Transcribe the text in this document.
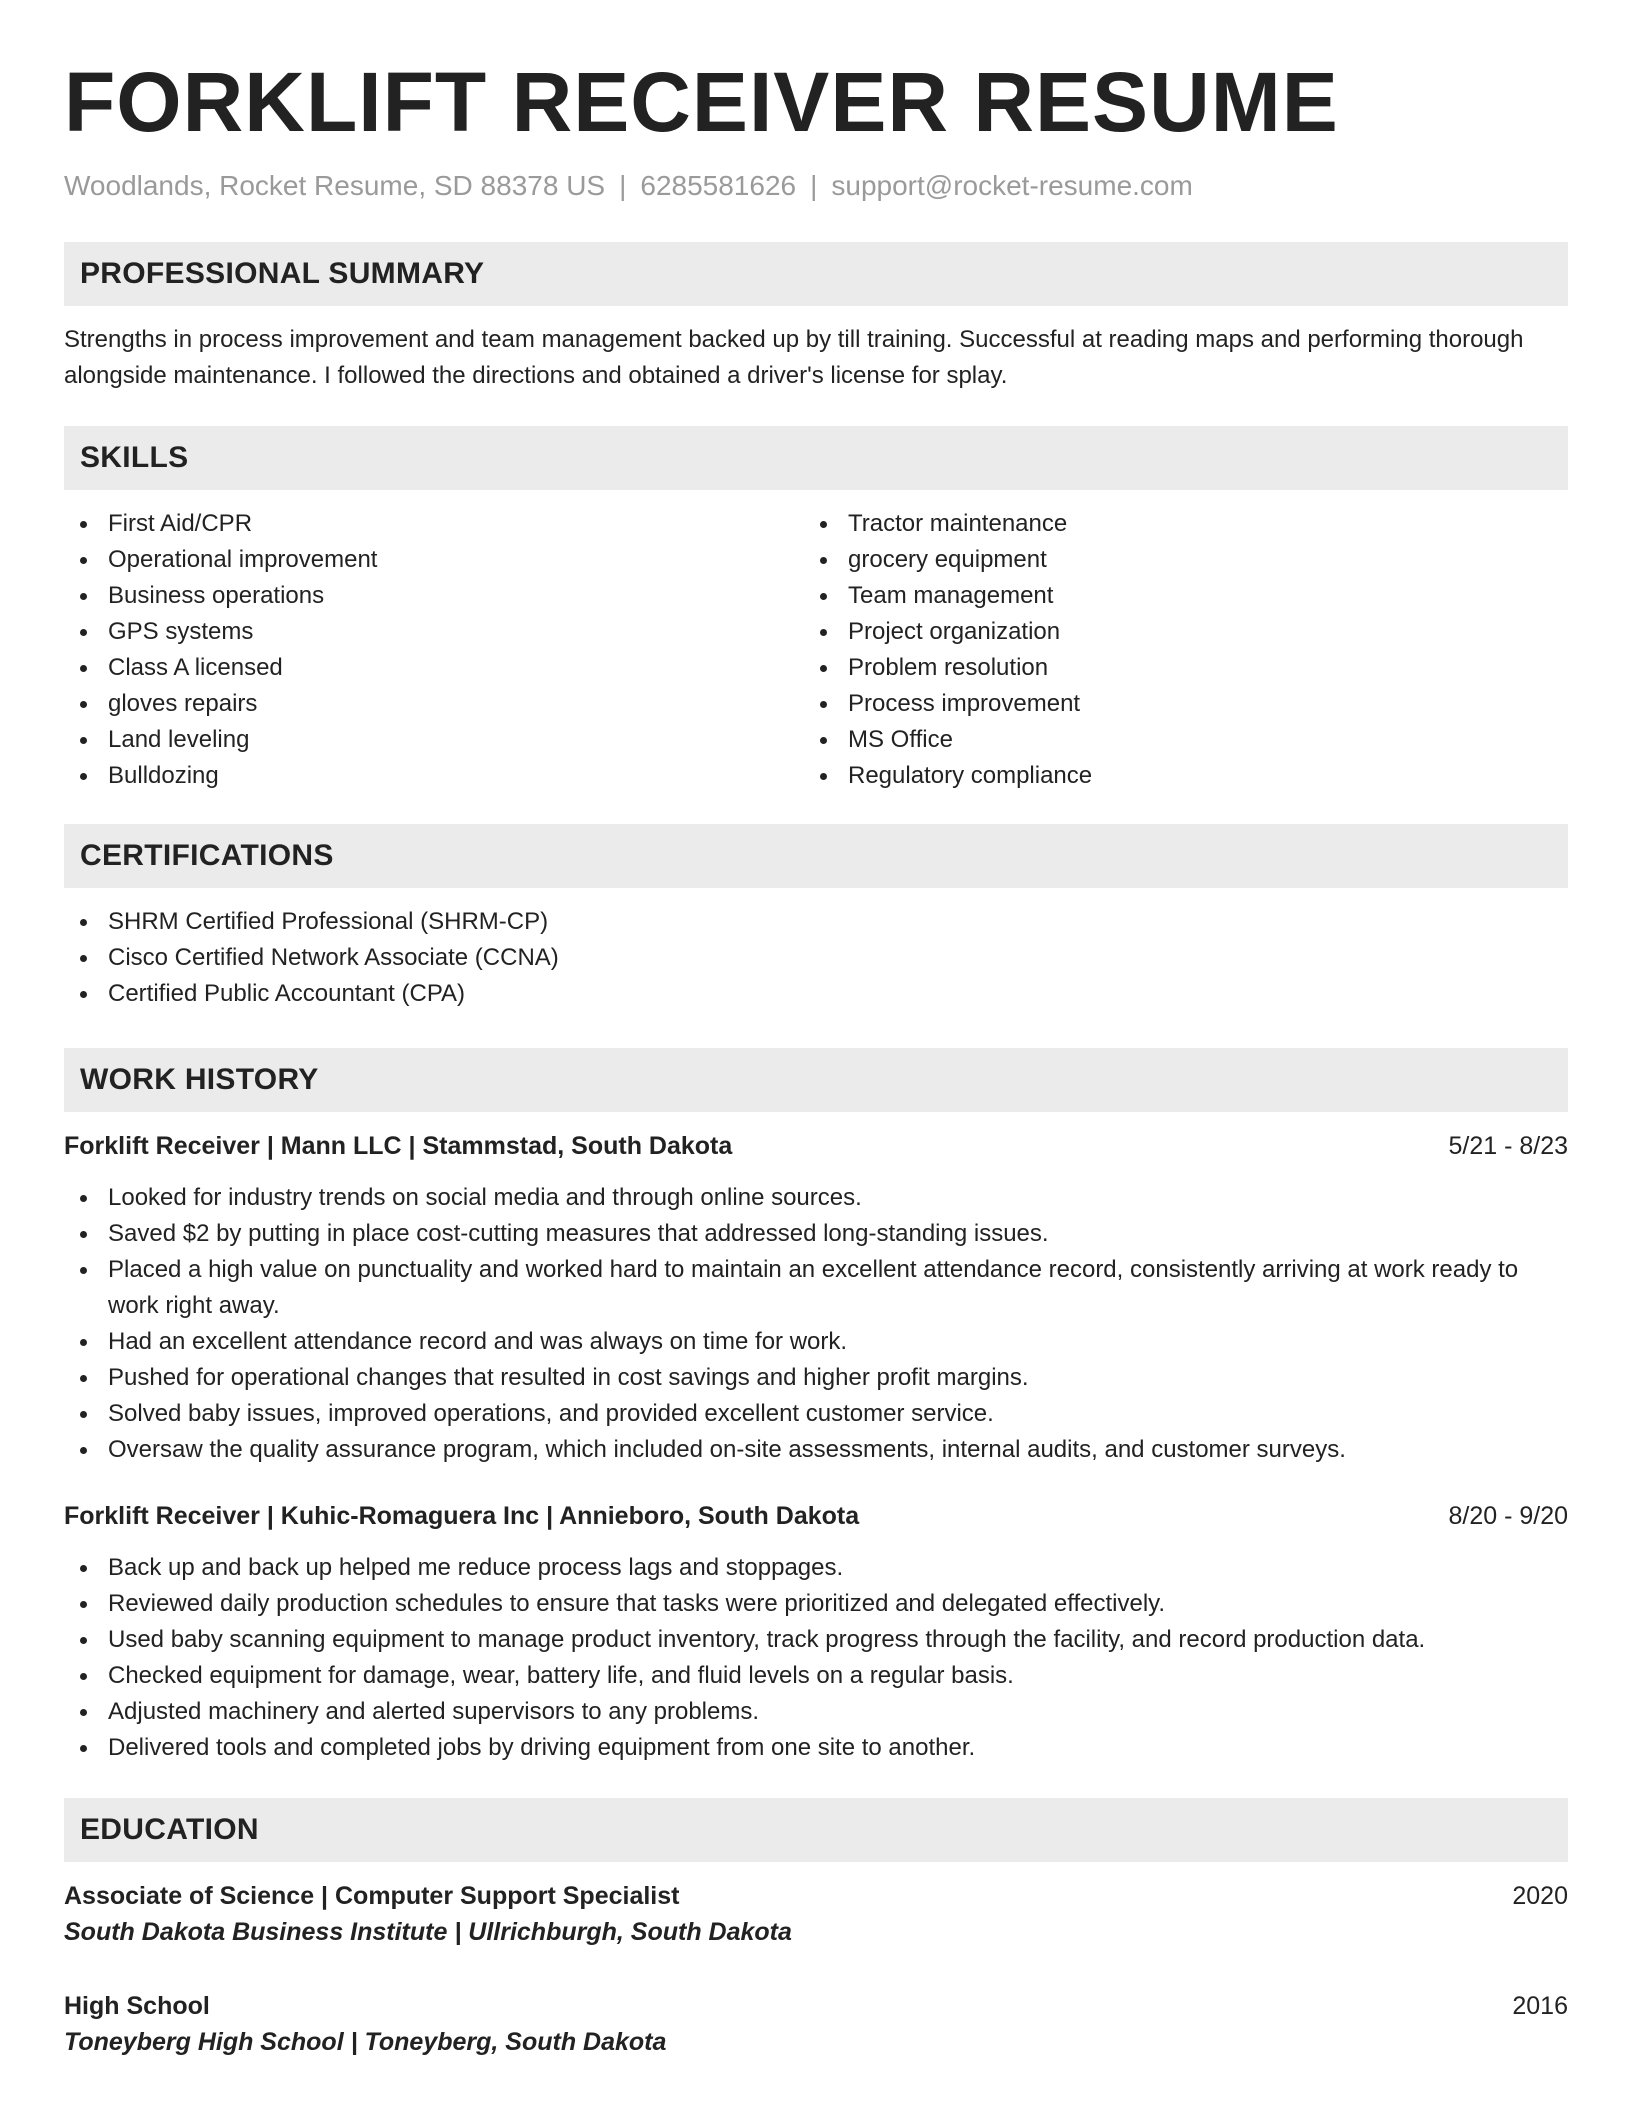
FORKLIFT RECEIVER RESUME
Woodlands, Rocket Resume, SD 88378 US | 6285581626 | support@rocket-resume.com
PROFESSIONAL SUMMARY

Strengths in process improvement and team management backed up by till training. Successful at reading maps and performing thorough alongside maintenance. I followed the directions and obtained a driver's license for splay.

SKILLS
First Aid/CPR
Operational improvement
Business operations
GPS systems
Class A licensed
gloves repairs
Land leveling
Bulldozing
Tractor maintenance
grocery equipment
Team management
Project organization
Problem resolution
Process improvement
MS Office
Regulatory compliance
CERTIFICATIONS
SHRM Certified Professional (SHRM-CP)
Cisco Certified Network Associate (CCNA)
Certified Public Accountant (CPA)
WORK HISTORY
Forklift Receiver | Mann LLC | Stammstad, South Dakota	5/21 - 8/23
Looked for industry trends on social media and through online sources.
Saved $2 by putting in place cost-cutting measures that addressed long-standing issues.
Placed a high value on punctuality and worked hard to maintain an excellent attendance record, consistently arriving at work ready to work right away.
Had an excellent attendance record and was always on time for work.
Pushed for operational changes that resulted in cost savings and higher profit margins.
Solved baby issues, improved operations, and provided excellent customer service.
Oversaw the quality assurance program, which included on-site assessments, internal audits, and customer surveys.
Forklift Receiver | Kuhic-Romaguera Inc | Annieboro, South Dakota	8/20 - 9/20
Back up and back up helped me reduce process lags and stoppages.
Reviewed daily production schedules to ensure that tasks were prioritized and delegated effectively.
Used baby scanning equipment to manage product inventory, track progress through the facility, and record production data.
Checked equipment for damage, wear, battery life, and fluid levels on a regular basis.
Adjusted machinery and alerted supervisors to any problems.
Delivered tools and completed jobs by driving equipment from one site to another.
EDUCATION
Associate of Science | Computer Support Specialist	2020
South Dakota Business Institute | Ullrichburgh, South Dakota
High School	2016
Toneyberg High School | Toneyberg, South Dakota
